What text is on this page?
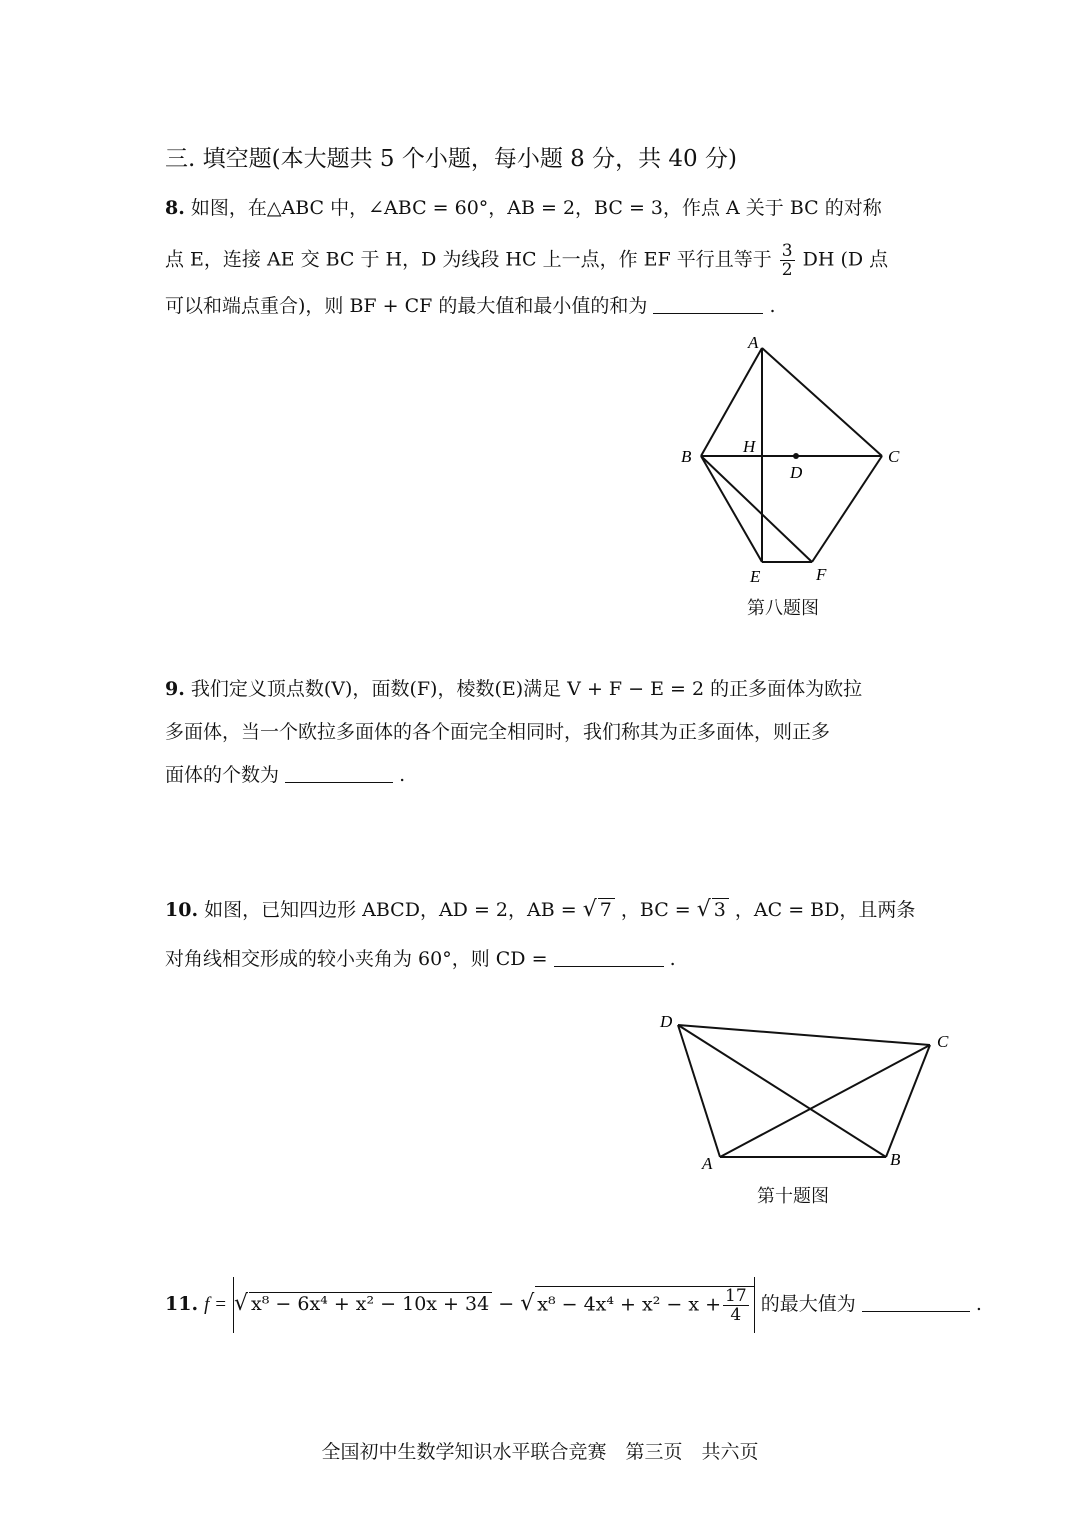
三. 填空题(本大题共 5 个小题，每小题 8 分，共 40 分)
8. 如图，在△ABC 中，∠ABC = 60°，AB = 2，BC = 3，作点 A 关于 BC 的对称
点 E，连接 AE 交 BC 于 H，D 为线段 HC 上一点，作 EF 平行且等于 $\frac{3}{2}$ DH (D 点
可以和端点重合)，则 BF + CF 的最大值和最小值的和为	.
A
B	C
H
D
E	F
第八题图
9. 我们定义顶点数(V)，面数(F)，棱数(E)满足 V + F − E = 2 的正多面体为欧拉
多面体，当一个欧拉多面体的各个面完全相同时，我们称其为正多面体，则正多
面体的个数为	.
10. 如图，已知四边形 ABCD，AD = 2，AB = √ 7 ，BC = √ 3 ，AC = BD，且两条
对角线相交形成的较小夹角为 60°，则 CD =	.
D
C
A	B
第十题图
11. f = √ x⁸ − 6x⁴ + x² − 10x + 34 − √ $x^8 - 4x^4 + x^2 - x + \frac{17}{4}$ 的最大值为	.
全国初中生数学知识水平联合竞赛　第三页　共六页
